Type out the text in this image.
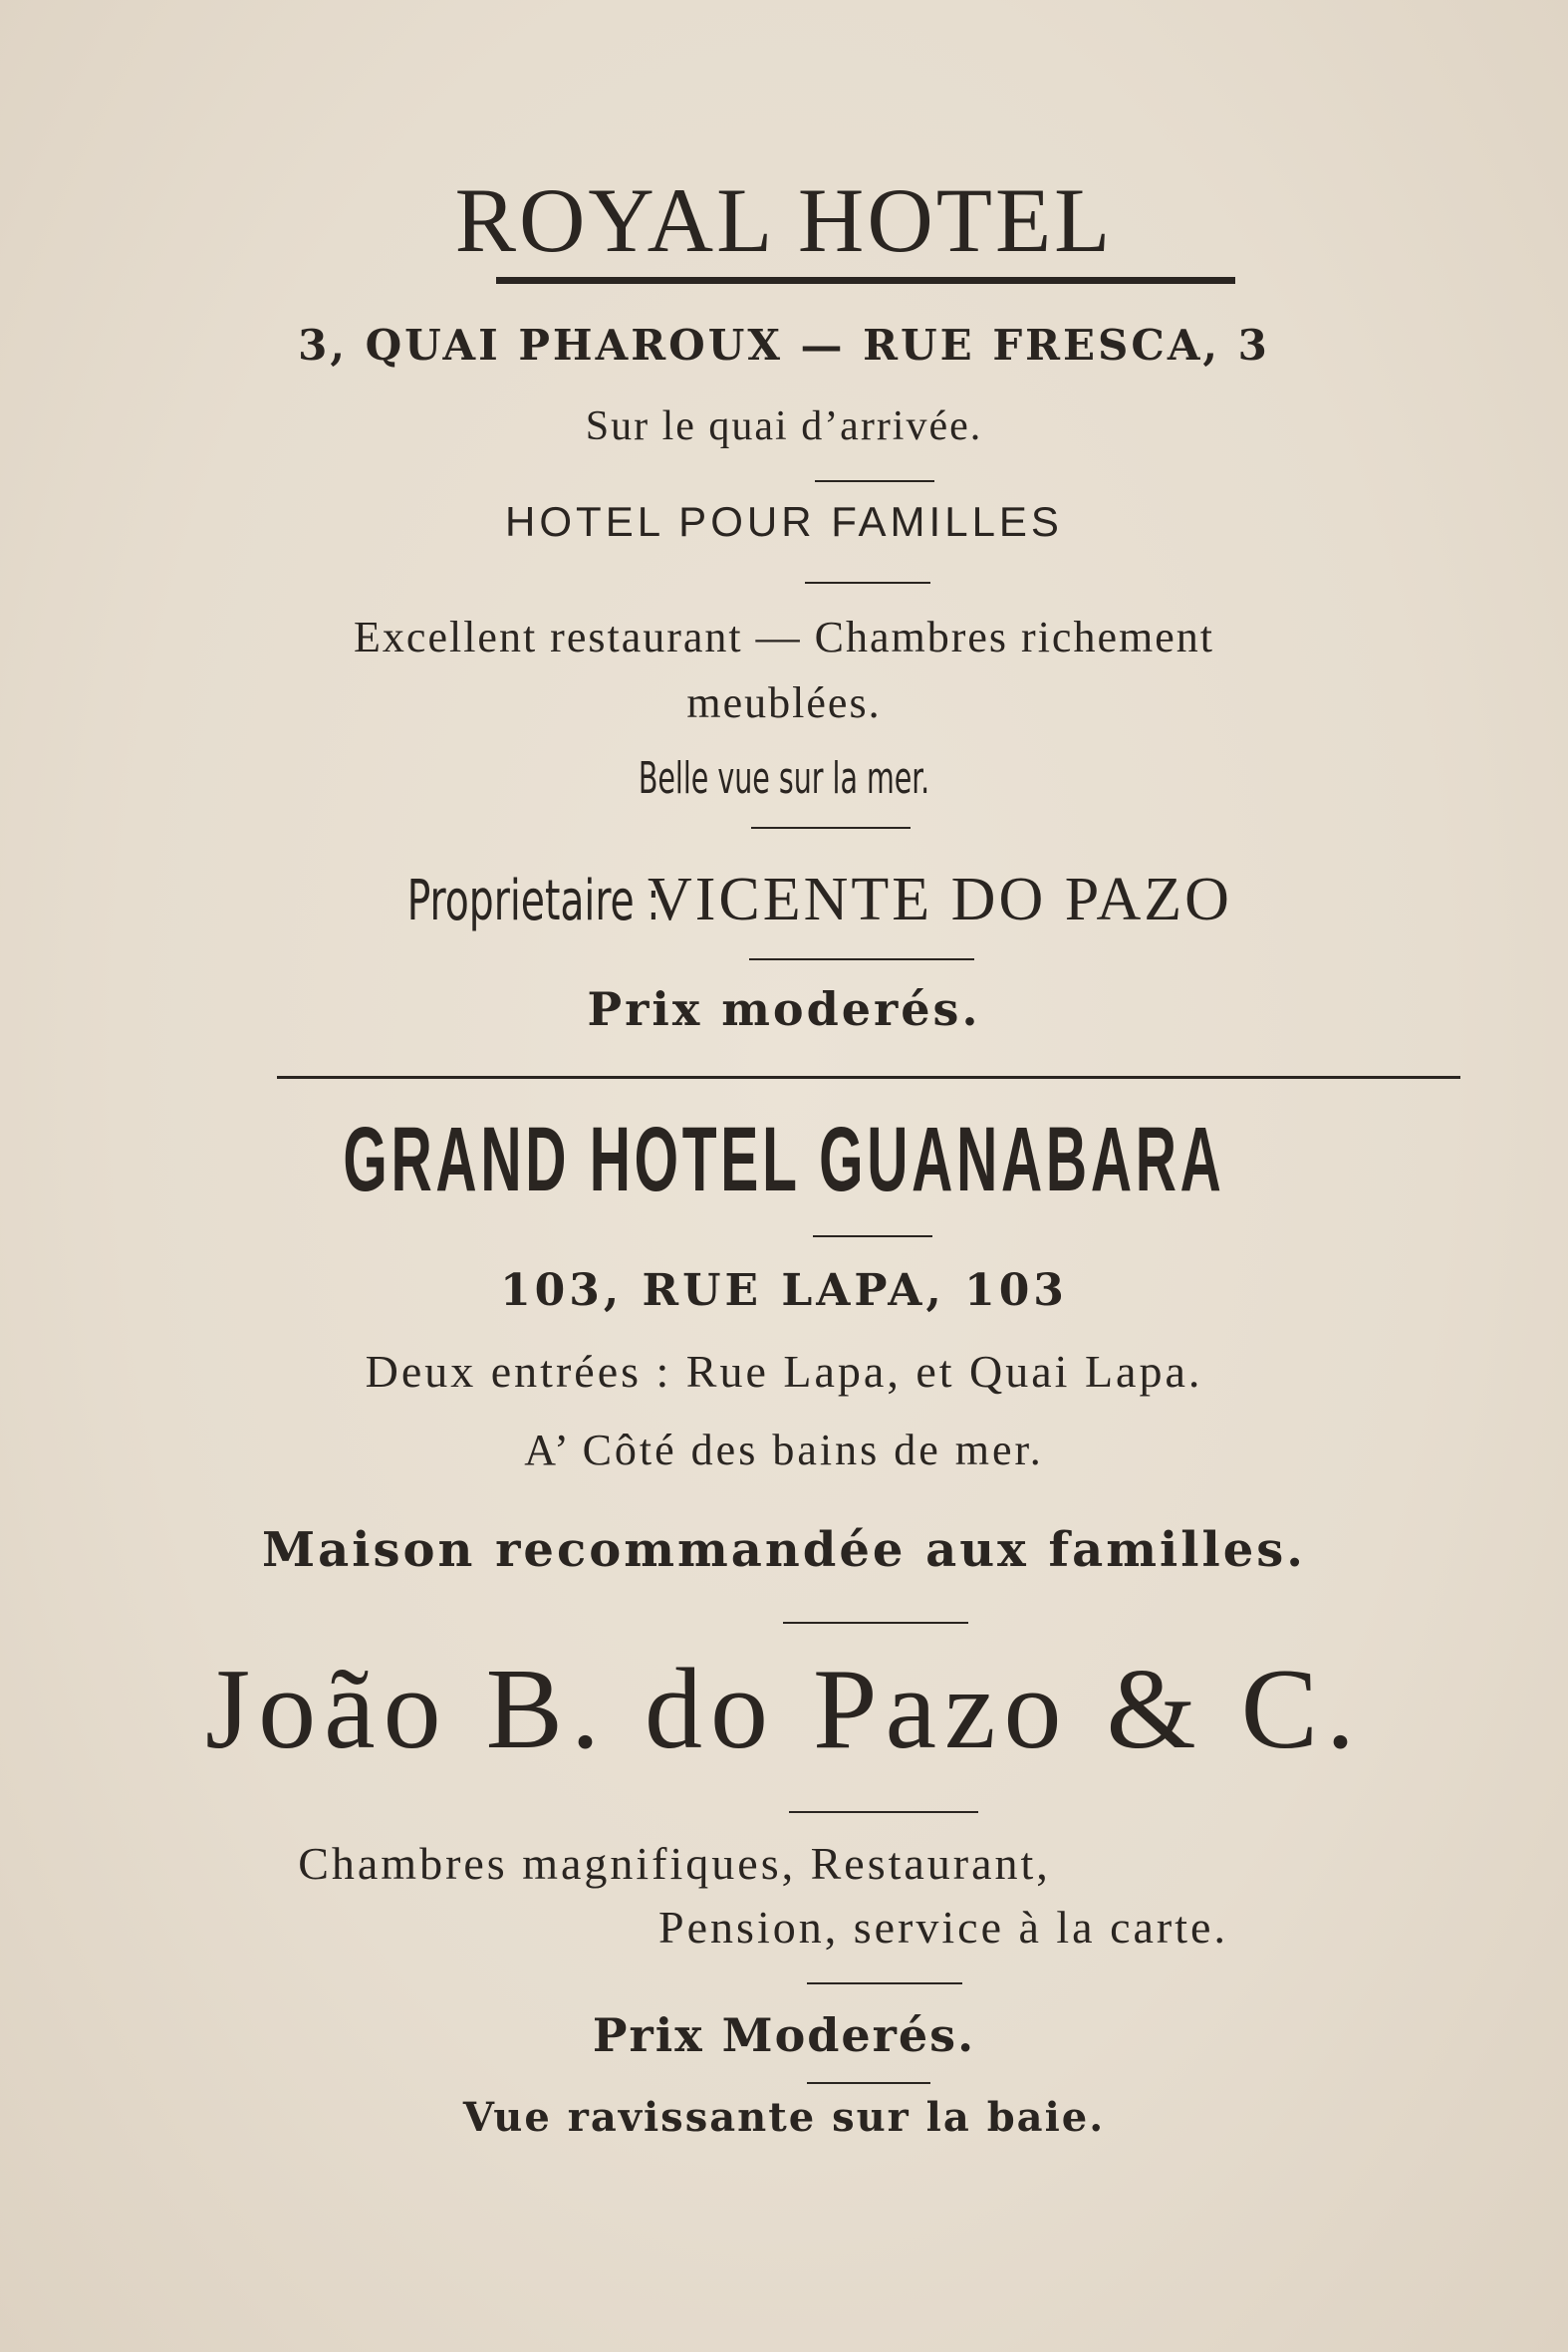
ROYAL HOTEL
3, QUAI PHAROUX — RUE FRESCA, 3
Sur le quai d’arrivée.
HOTEL POUR FAMILLES
Excellent restaurant — Chambres richement
meublées.
Belle vue sur la mer.
Proprietaire : VICENTE DO PAZO
Prix moderés.
GRAND HOTEL GUANABARA
103, RUE LAPA, 103
Deux entrées : Rue Lapa, et Quai Lapa.
A’ Côté des bains de mer.
Maison recommandée aux familles.
João B. do Pazo & C.
Chambres magnifiques, Restaurant,
Pension, service à la carte.
Prix Moderés.
Vue ravissante sur la baie.
